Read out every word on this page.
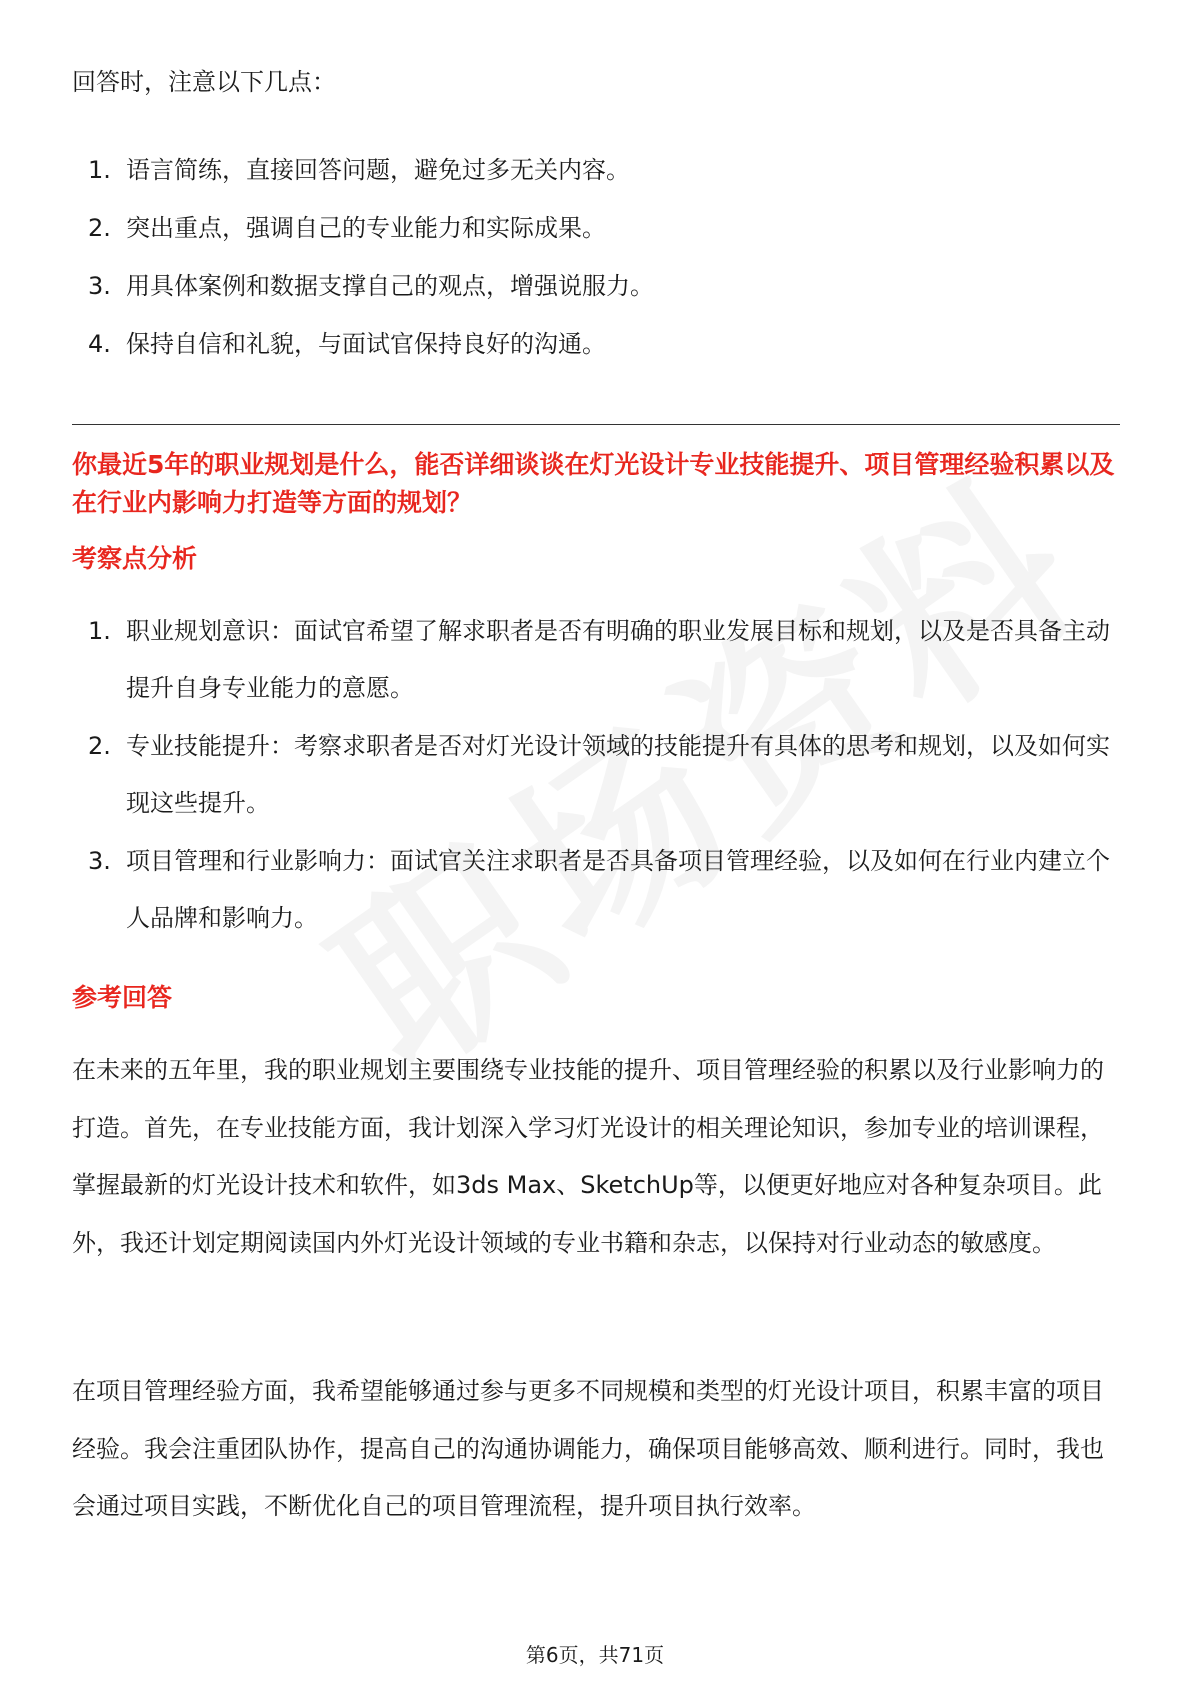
回答时，注意以下几点：
1. 语言简练，直接回答问题，避免过多无关内容。
2. 突出重点，强调自己的专业能力和实际成果。
3. 用具体案例和数据支撑自己的观点，增强说服力。
4. 保持自信和礼貌，与面试官保持良好的沟通。
你最近5年的职业规划是什么，能否详细谈谈在灯光设计专业技能提升、项目管理经验积累以及在行业内影响力打造等方面的规划？
考察点分析
1. 职业规划意识：面试官希望了解求职者是否有明确的职业发展目标和规划，以及是否具备主动提升自身专业能力的意愿。
2. 专业技能提升：考察求职者是否对灯光设计领域的技能提升有具体的思考和规划，以及如何实现这些提升。
3. 项目管理和行业影响力：面试官关注求职者是否具备项目管理经验，以及如何在行业内建立个人品牌和影响力。
参考回答

在未来的五年里，我的职业规划主要围绕专业技能的提升、项目管理经验的积累以及行业影响力的打造。首先，在专业技能方面，我计划深入学习灯光设计的相关理论知识，参加专业的培训课程，掌握最新的灯光设计技术和软件，如3ds Max、SketchUp等，以便更好地应对各种复杂项目。此外，我还计划定期阅读国内外灯光设计领域的专业书籍和杂志，以保持对行业动态的敏感度。

在项目管理经验方面，我希望能够通过参与更多不同规模和类型的灯光设计项目，积累丰富的项目经验。我会注重团队协作，提高自己的沟通协调能力，确保项目能够高效、顺利进行。同时，我也会通过项目实践，不断优化自己的项目管理流程，提升项目执行效率。

第6页，共71页
